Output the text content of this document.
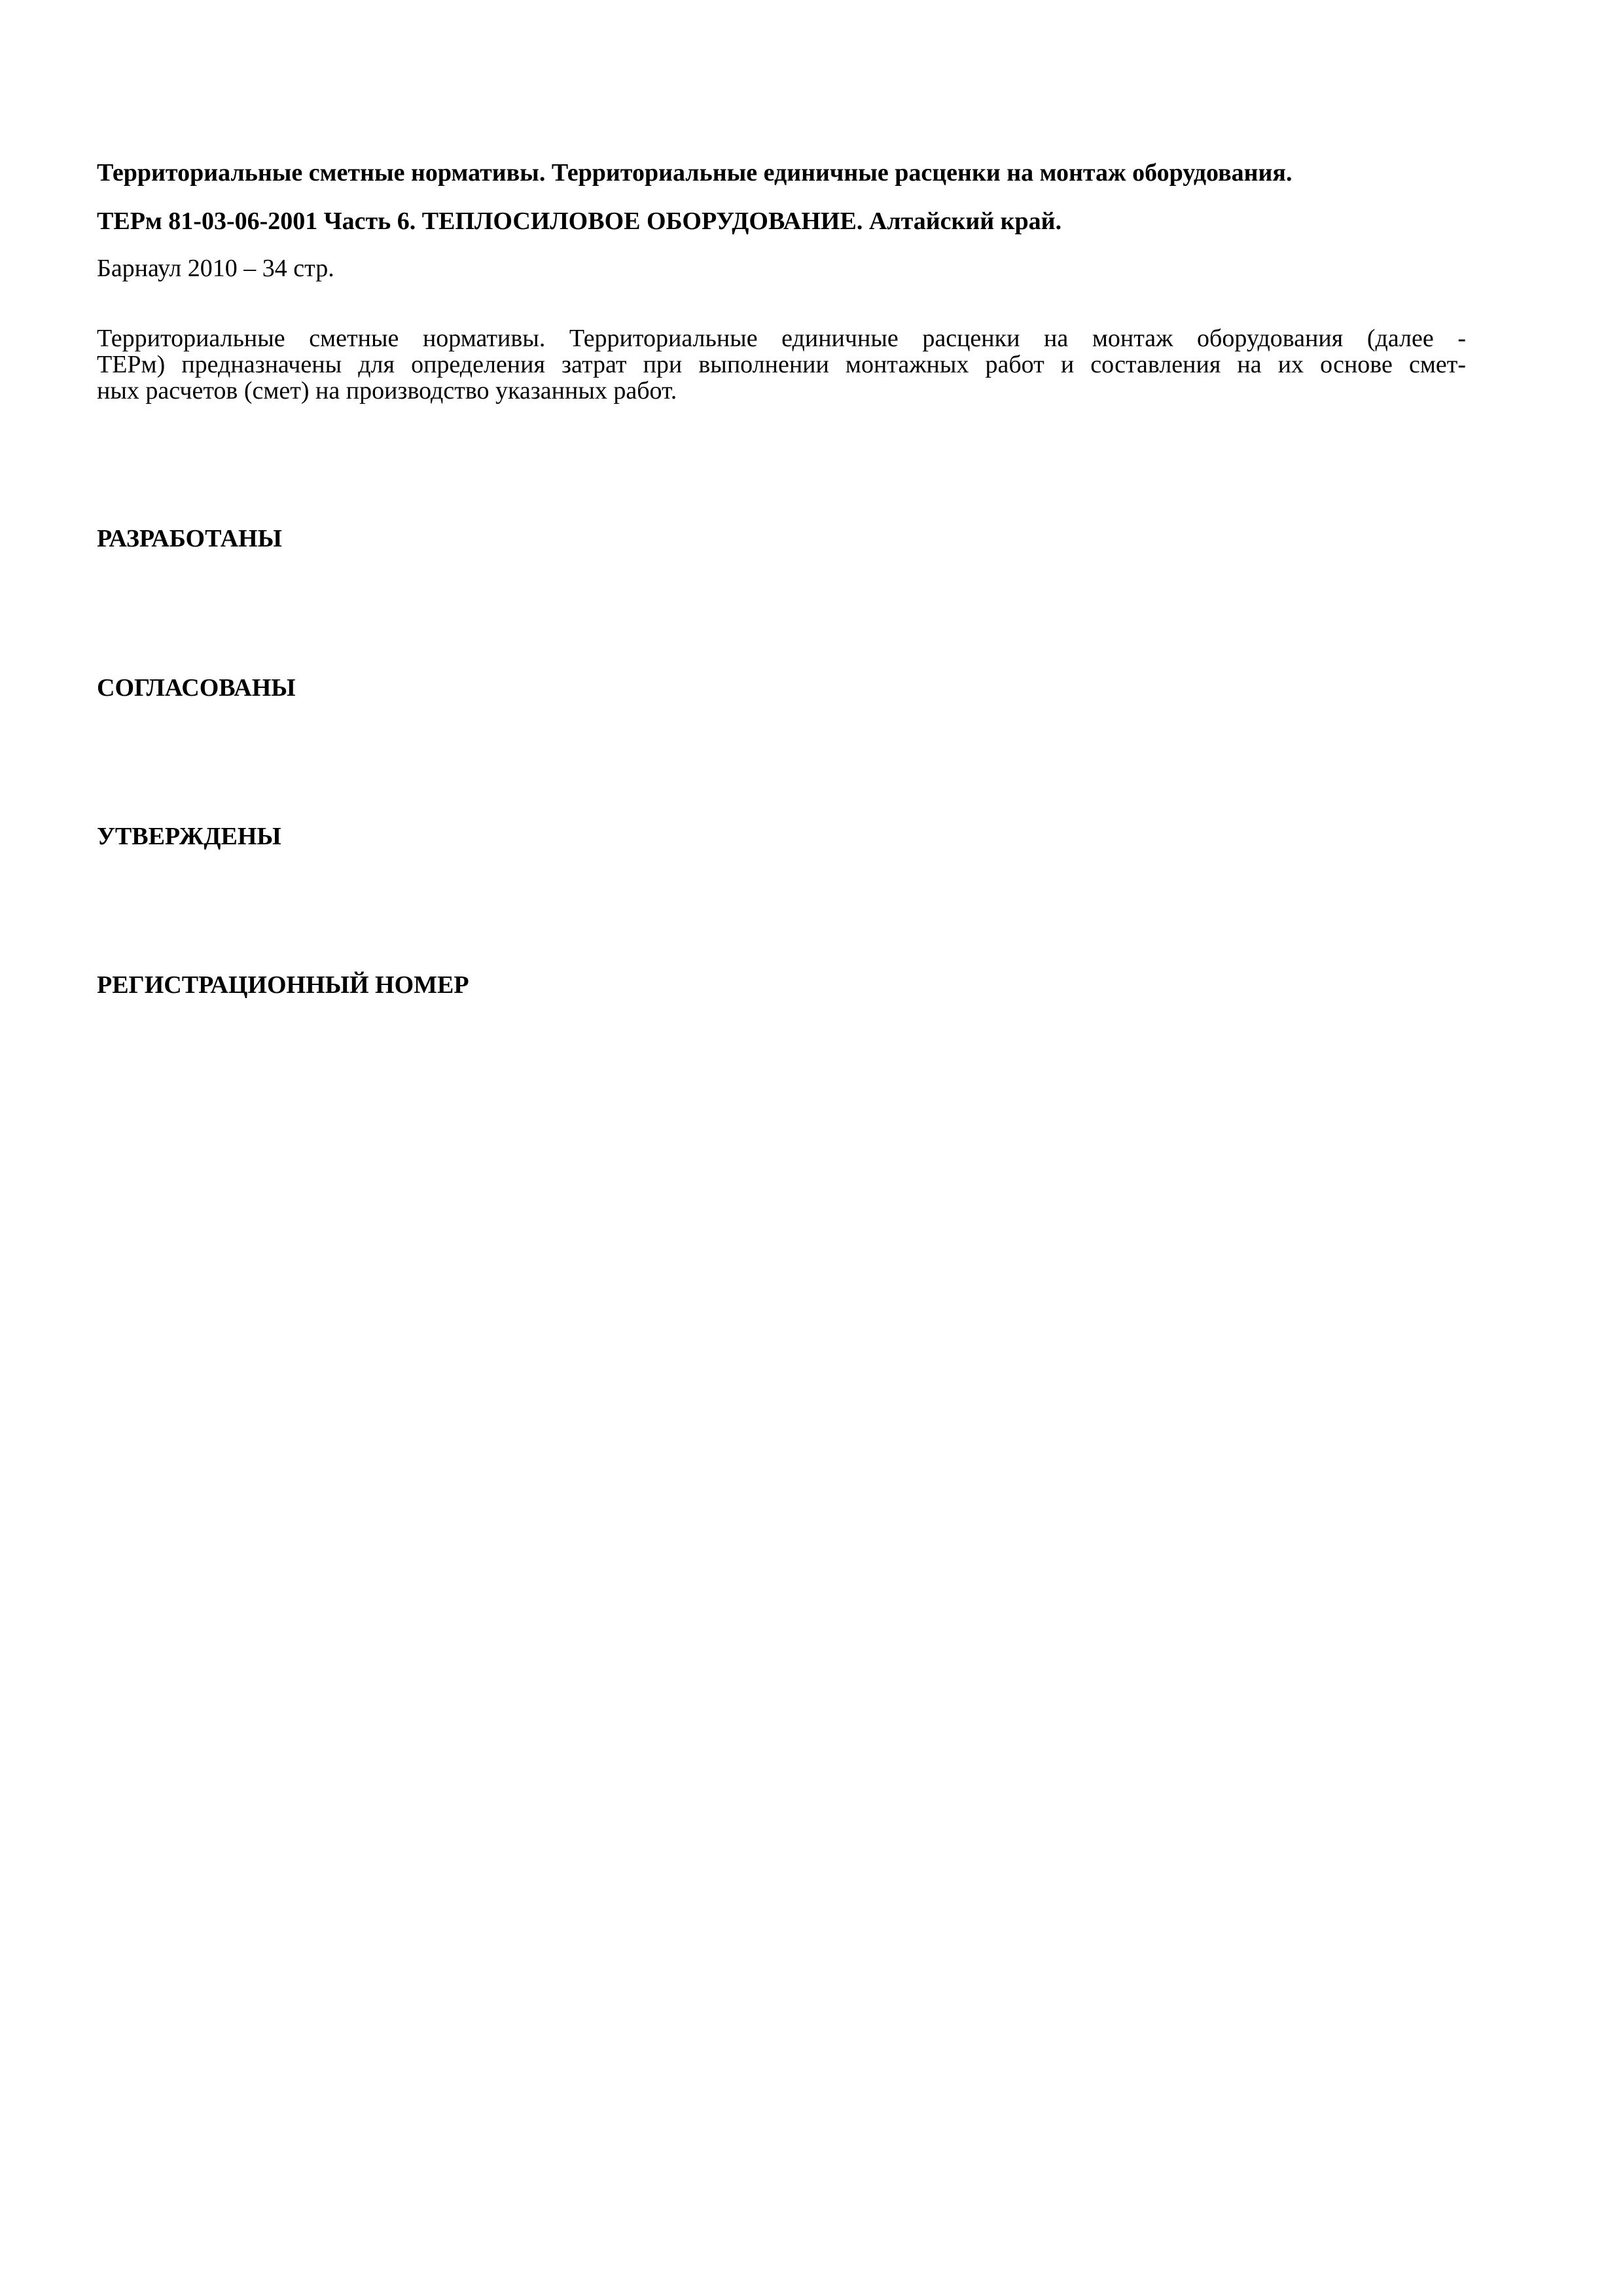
Территориальные сметные нормативы. Территориальные единичные расценки на монтаж оборудования.
ТЕРм 81-03-06-2001 Часть 6. ТЕПЛОСИЛОВОЕ ОБОРУДОВАНИЕ. Алтайский край.
Барнаул 2010 – 34 стр.
Территориальные сметные нормативы. Территориальные единичные расценки на монтаж оборудования (далее -
ТЕРм) предназначены для определения затрат при выполнении монтажных работ и составления на их основе смет-
ных расчетов (смет) на производство указанных работ.
РАЗРАБОТАНЫ
СОГЛАСОВАНЫ
УТВЕРЖДЕНЫ
РЕГИСТРАЦИОННЫЙ НОМЕР
